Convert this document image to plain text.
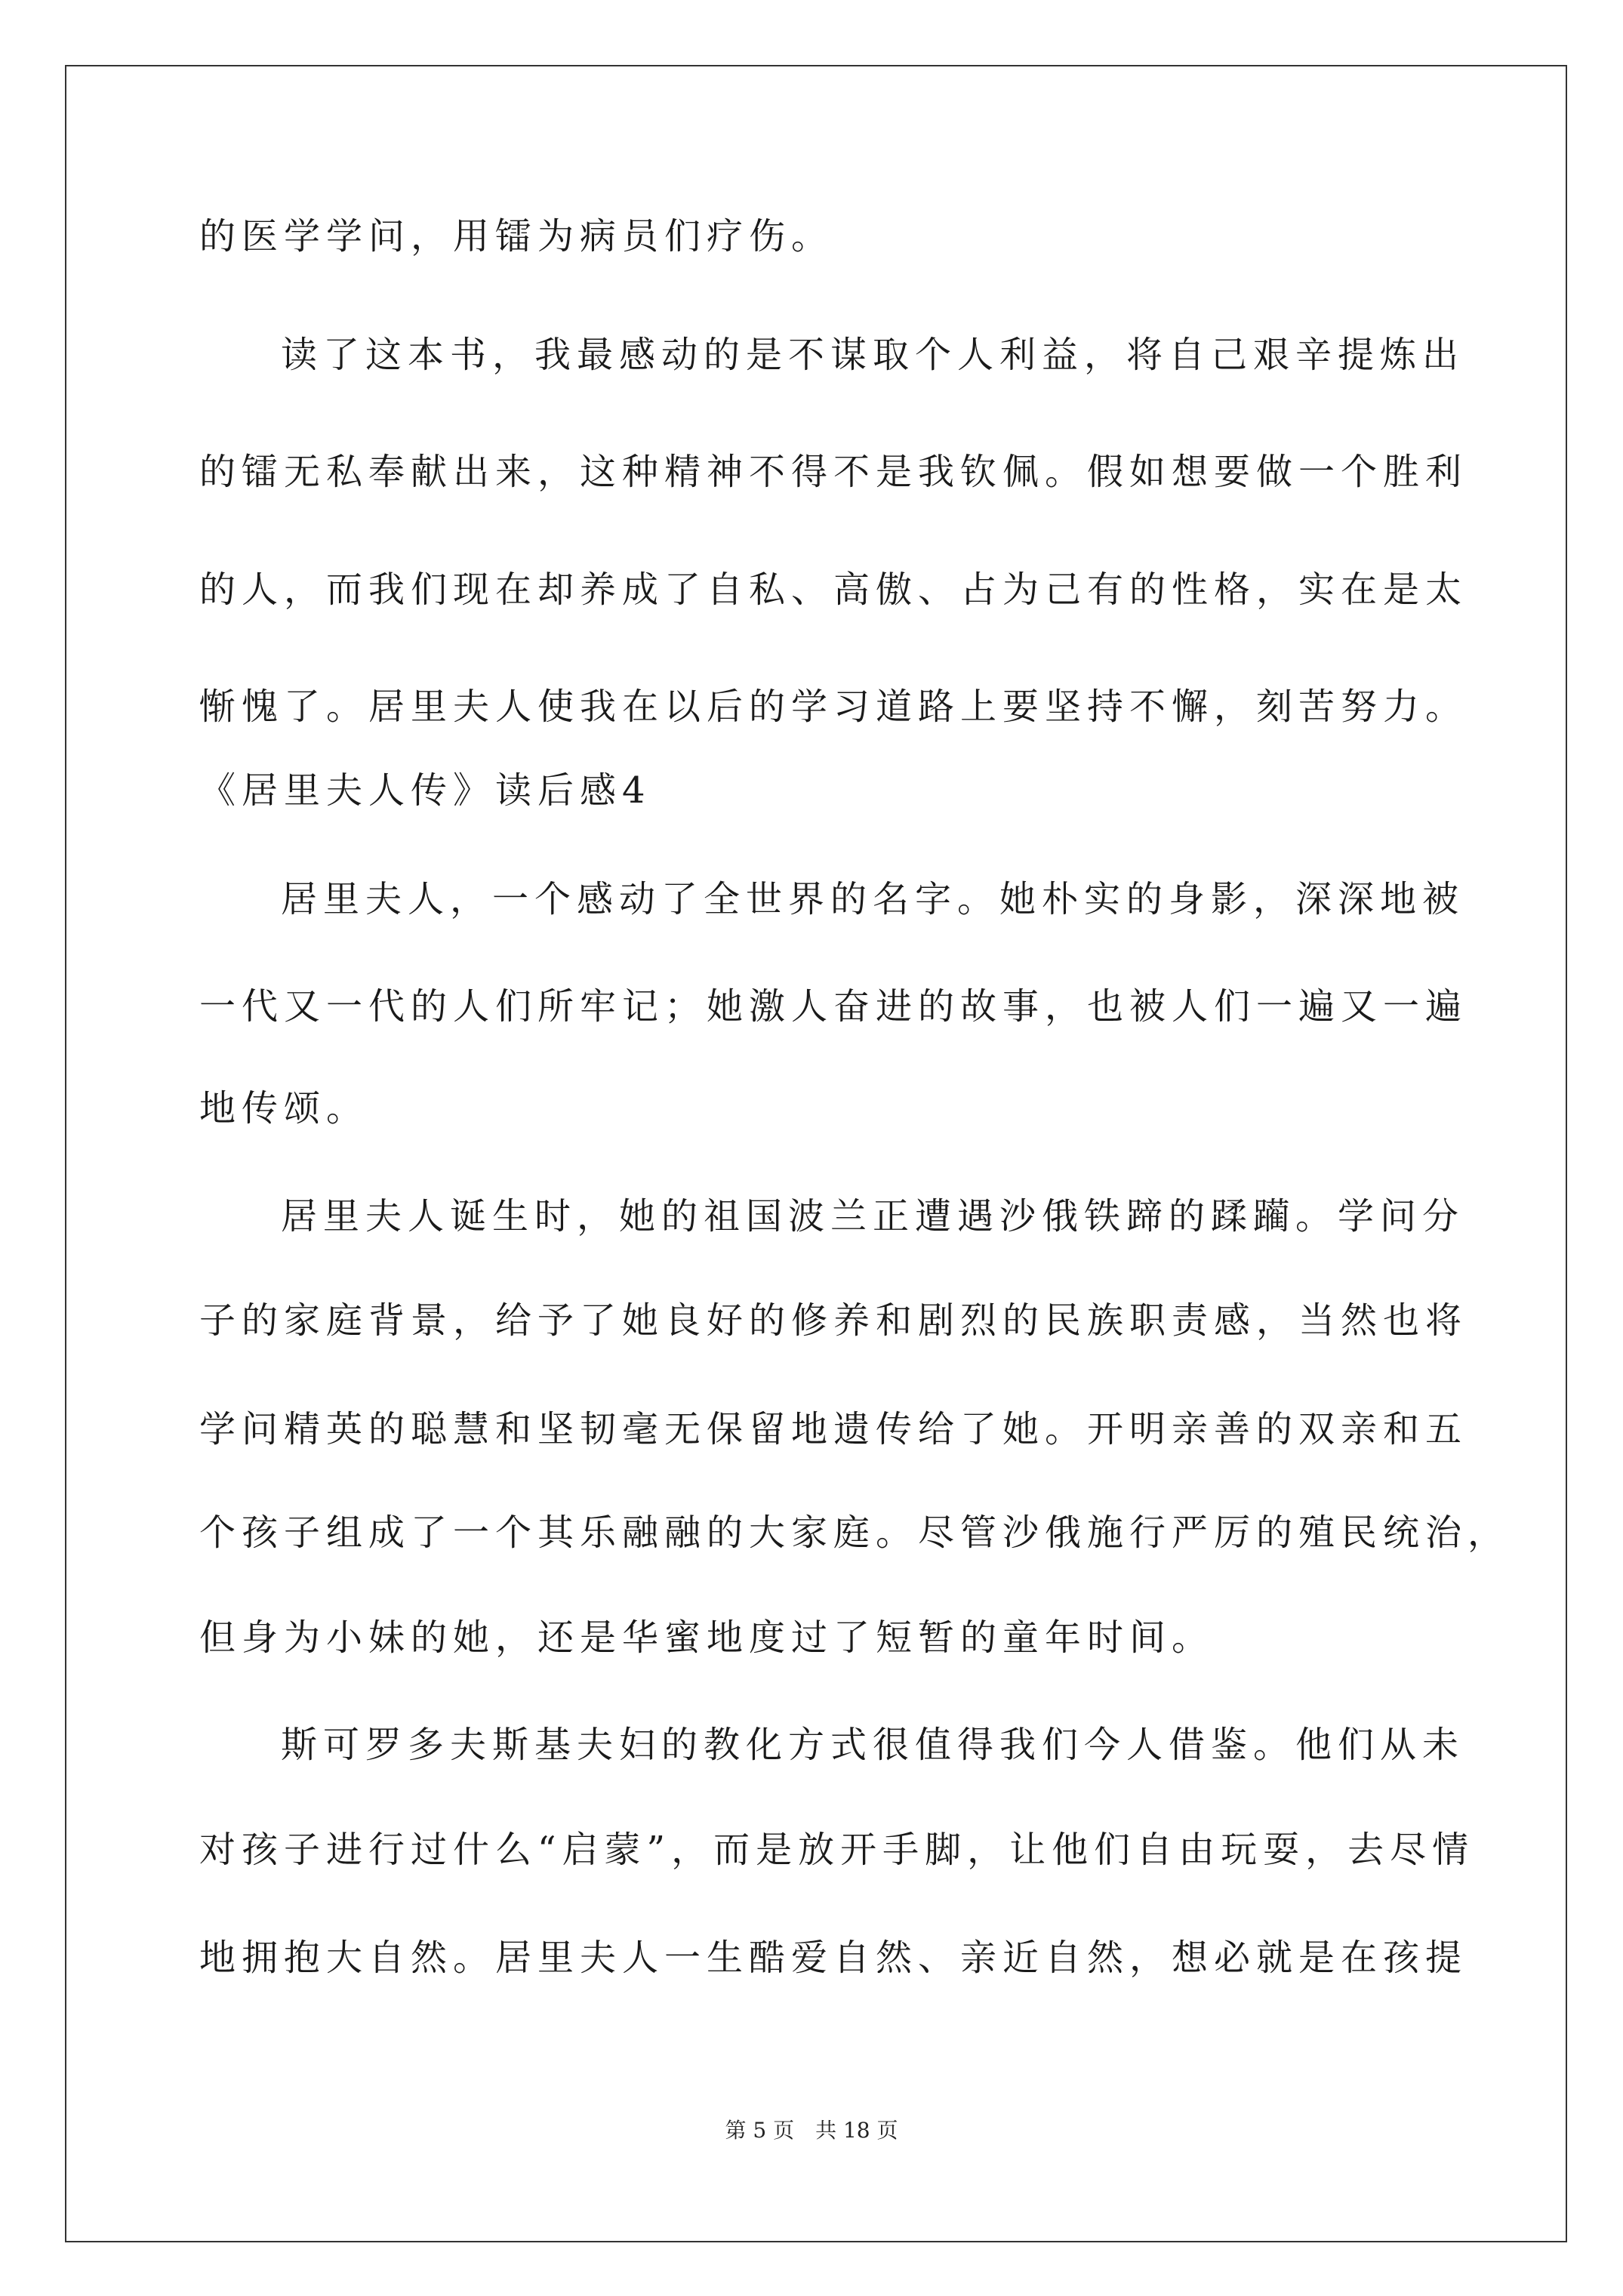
的医学学问，用镭为病员们疗伤。
读了这本书，我最感动的是不谋取个人利益，将自己艰辛提炼出
的镭无私奉献出来，这种精神不得不是我钦佩。假如想要做一个胜利
的人，而我们现在却养成了自私、高傲、占为己有的性格，实在是太
惭愧了。居里夫人使我在以后的学习道路上要坚持不懈，刻苦努力。
《居里夫人传》读后感4
居里夫人，一个感动了全世界的名字。她朴实的身影，深深地被
一代又一代的人们所牢记；她激人奋进的故事，也被人们一遍又一遍
地传颂。
居里夫人诞生时，她的祖国波兰正遭遇沙俄铁蹄的蹂躏。学问分
子的家庭背景，给予了她良好的修养和剧烈的民族职责感，当然也将
学问精英的聪慧和坚韧毫无保留地遗传给了她。开明亲善的双亲和五
个孩子组成了一个其乐融融的大家庭。尽管沙俄施行严厉的殖民统治，
但身为小妹的她，还是华蜜地度过了短暂的童年时间。
斯可罗多夫斯基夫妇的教化方式很值得我们今人借鉴。他们从未
对孩子进行过什么“启蒙”，而是放开手脚，让他们自由玩耍，去尽情
地拥抱大自然。居里夫人一生酷爱自然、亲近自然，想必就是在孩提
第 5 页　共 18 页
